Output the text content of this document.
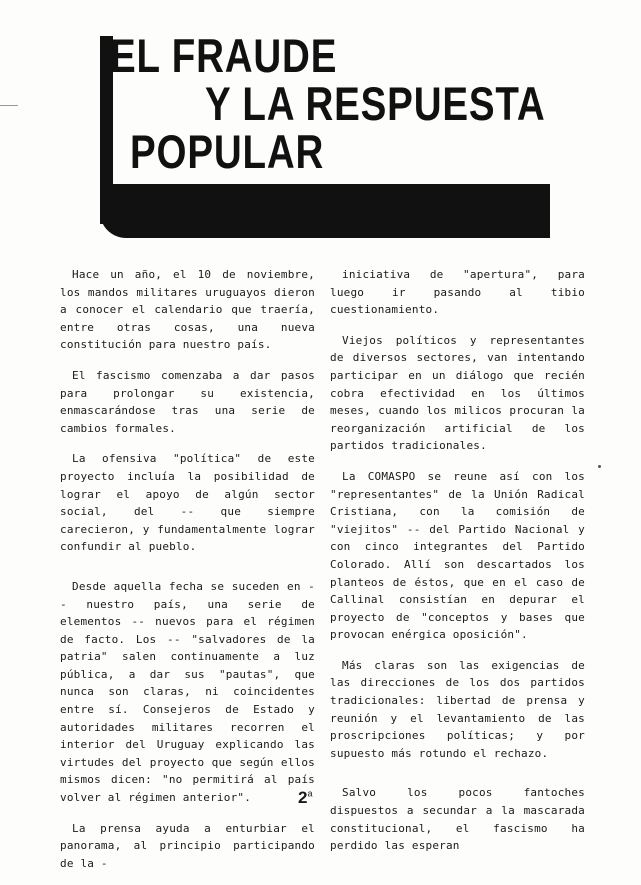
EL FRAUDE
Y LA RESPUESTA
POPULAR

Hace un año, el 10 de noviembre, los mandos militares uruguayos dieron a conocer el calendario que traería, entre otras cosas, una nueva constitución para nuestro país.

El fascismo comenzaba a dar pasos para prolongar su existencia, enmascarándose tras una serie de cambios formales.

La ofensiva "política" de este proyecto incluía la posibilidad de lograr el apoyo de algún sector social, del -- que siempre carecieron, y fundamentalmente lograr confundir al pueblo.

Desde aquella fecha se suceden en -- nuestro país, una serie de elementos -- nuevos para el régimen de facto. Los -- "salvadores de la patria" salen continuamente a luz pública, a dar sus "pautas", que nunca son claras, ni coincidentes entre sí. Consejeros de Estado y autoridades militares recorren el interior del Uruguay explicando las virtudes del proyecto que según ellos mismos dicen: "no permitirá al país volver al régimen anterior".

La prensa ayuda a enturbiar el panorama, al principio participando de la -

iniciativa de "apertura", para luego ir pasando al tibio cuestionamiento.

Viejos políticos y representantes de diversos sectores, van intentando participar en un diálogo que recién cobra efectividad en los últimos meses, cuando los milicos procuran la reorganización artificial de los partidos tradicionales.

La COMASPO se reune así con los "representantes" de la Unión Radical Cristiana, con la comisión de "viejitos" -- del Partido Nacional y con cinco integrantes del Partido Colorado. Allí son descartados los planteos de éstos, que en el caso de Callinal consistían en depurar el proyecto de "conceptos y bases que provocan enérgica oposición".

Más claras son las exigencias de las direcciones de los dos partidos tradicionales: libertad de prensa y reunión y el levantamiento de las proscripciones políticas; y por supuesto más rotundo el rechazo.

Salvo los pocos fantoches dispuestos a secundar a la mascarada constitucional, el fascismo ha perdido las esperan

2$^a$
